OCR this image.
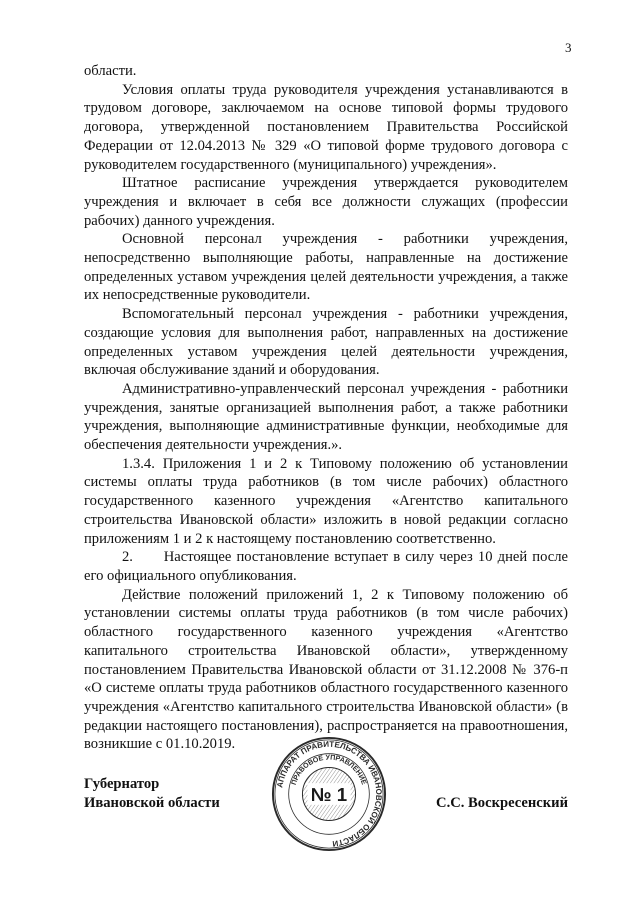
3

области.

Условия оплаты труда руководителя учреждения устанавливаются в трудовом договоре, заключаемом на основе типовой формы трудового договора, утвержденной постановлением Правительства Российской Федерации от 12.04.2013 № 329 «О типовой форме трудового договора с руководителем государственного (муниципального) учреждения».

Штатное расписание учреждения утверждается руководителем учреждения и включает в себя все должности служащих (профессии рабочих) данного учреждения.

Основной персонал учреждения - работники учреждения, непосредственно выполняющие работы, направленные на достижение определенных уставом учреждения целей деятельности учреждения, а также их непосредственные руководители.

Вспомогательный персонал учреждения - работники учреждения, создающие условия для выполнения работ, направленных на достижение определенных уставом учреждения целей деятельности учреждения, включая обслуживание зданий и оборудования.

Административно-управленческий персонал учреждения - работники учреждения, занятые организацией выполнения работ, а также работники учреждения, выполняющие административные функции, необходимые для обеспечения деятельности учреждения.».

1.3.4. Приложения 1 и 2 к Типовому положению об установлении системы оплаты труда работников (в том числе рабочих) областного государственного казенного учреждения «Агентство капитального строительства Ивановской области» изложить в новой редакции согласно приложениям 1 и 2 к настоящему постановлению соответственно.

2.      Настоящее постановление вступает в силу через 10 дней после его официального опубликования.

Действие положений приложений 1, 2 к Типовому положению об установлении системы оплаты труда работников (в том числе рабочих) областного государственного казенного учреждения «Агентство капитального строительства Ивановской области», утвержденному постановлением Правительства Ивановской области от 31.12.2008 № 376-п «О системе оплаты труда работников областного государственного казенного учреждения «Агентство капитального строительства Ивановской области» (в редакции настоящего постановления), распространяется на правоотношения, возникшие с 01.10.2019.

Губернатор
Ивановской области	С.С. Воскресенский
АППАРАТ ПРАВИТЕЛЬСТВА ИВАНОВСКОЙ ОБЛАСТИ
ПРАВОВОЕ УПРАВЛЕНИЕ
№ 1
